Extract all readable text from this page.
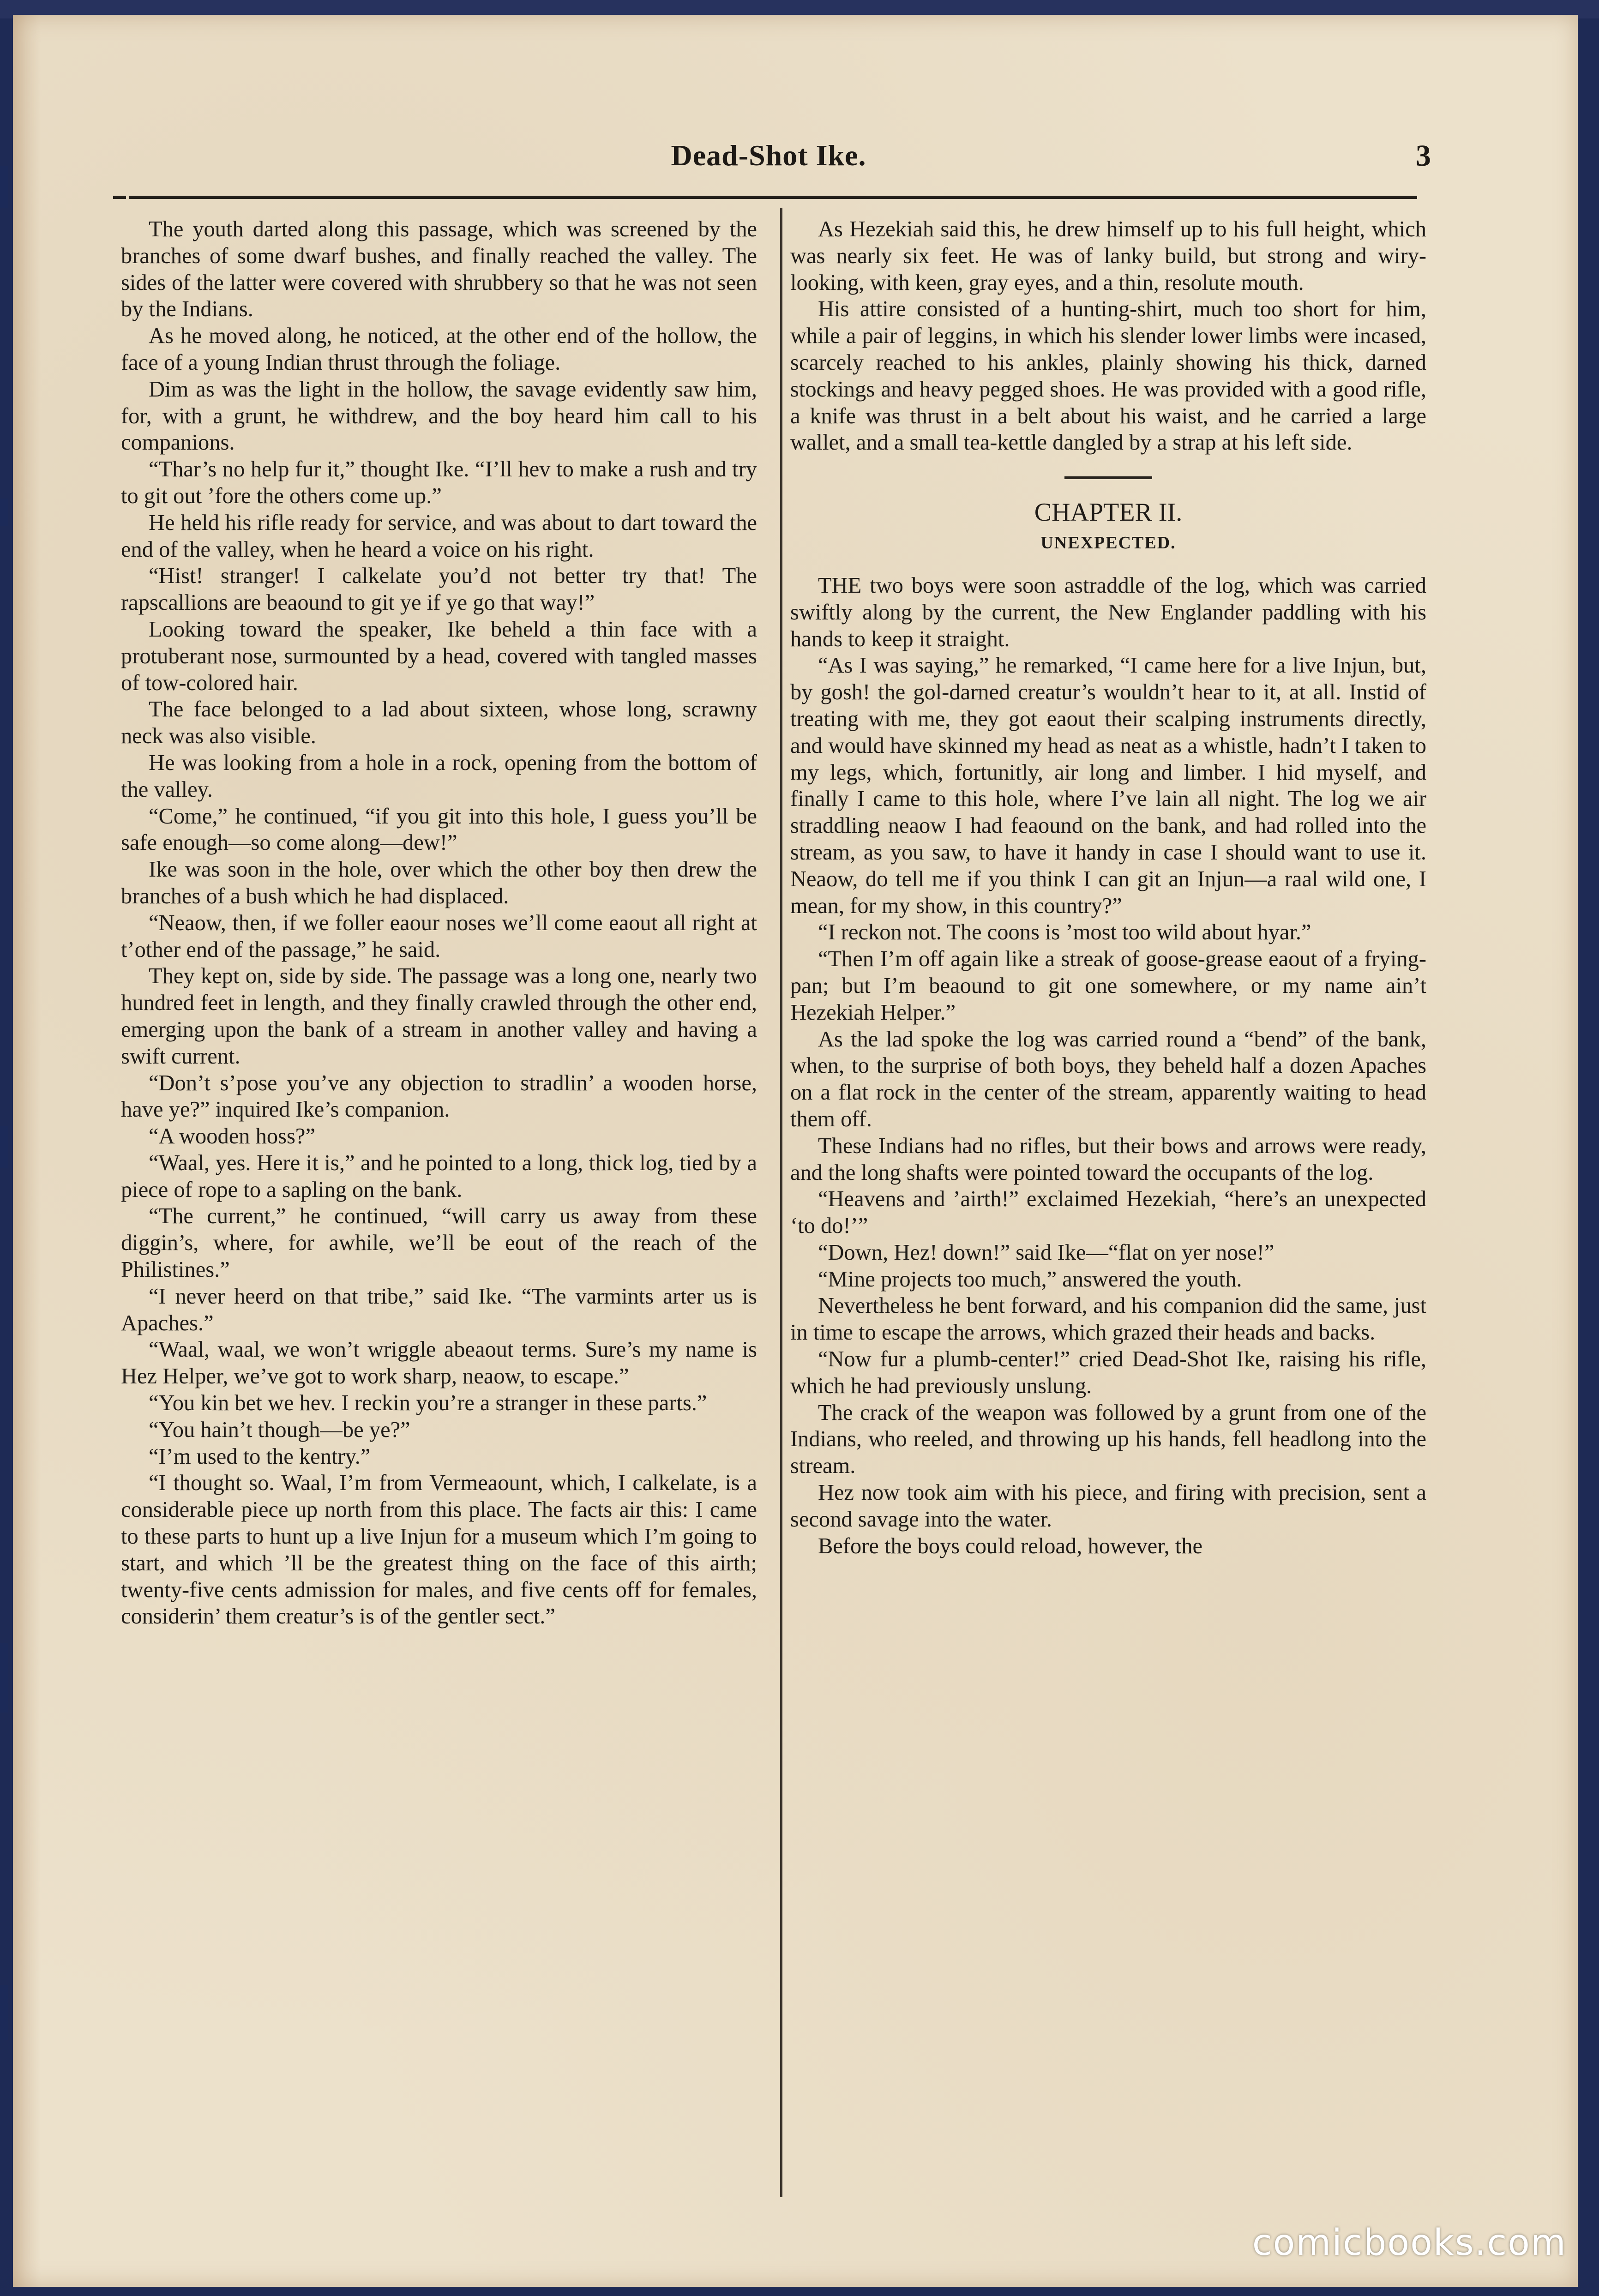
Dead-Shot Ike.	3

The youth darted along this passage, which was screened by the branches of some dwarf bushes, and finally reached the valley. The sides of the latter were covered with shrubbery so that he was not seen by the Indians.

As he moved along, he noticed, at the other end of the hollow, the face of a young Indian thrust through the foliage.

Dim as was the light in the hollow, the savage evidently saw him, for, with a grunt, he withdrew, and the boy heard him call to his companions.

“Thar’s no help fur it,” thought Ike. “I’ll hev to make a rush and try to git out ’fore the others come up.”

He held his rifle ready for service, and was about to dart toward the end of the valley, when he heard a voice on his right.

“Hist! stranger! I calkelate you’d not better try that! The rapscallions are beaound to git ye if ye go that way!”

Looking toward the speaker, Ike beheld a thin face with a protuberant nose, surmounted by a head, covered with tangled masses of tow-colored hair.

The face belonged to a lad about sixteen, whose long, scrawny neck was also visible.

He was looking from a hole in a rock, opening from the bottom of the valley.

“Come,” he continued, “if you git into this hole, I guess you’ll be safe enough—so come along—dew!”

Ike was soon in the hole, over which the other boy then drew the branches of a bush which he had displaced.

“Neaow, then, if we foller eaour noses we’ll come eaout all right at t’other end of the passage,” he said.

They kept on, side by side. The passage was a long one, nearly two hundred feet in length, and they finally crawled through the other end, emerging upon the bank of a stream in another valley and having a swift current.

“Don’t s’pose you’ve any objection to stradlin’ a wooden horse, have ye?” inquired Ike’s companion.

“A wooden hoss?”

“Waal, yes. Here it is,” and he pointed to a long, thick log, tied by a piece of rope to a sapling on the bank.

“The current,” he continued, “will carry us away from these diggin’s, where, for awhile, we’ll be eout of the reach of the Philistines.”

“I never heerd on that tribe,” said Ike. “The varmints arter us is Apaches.”

“Waal, waal, we won’t wriggle abeaout terms. Sure’s my name is Hez Helper, we’ve got to work sharp, neaow, to escape.”

“You kin bet we hev. I reckin you’re a stranger in these parts.”

“You hain’t though—be ye?”

“I’m used to the kentry.”

“I thought so. Waal, I’m from Vermeaount, which, I calkelate, is a considerable piece up north from this place. The facts air this: I came to these parts to hunt up a live Injun for a museum which I’m going to start, and which ’ll be the greatest thing on the face of this airth; twenty-five cents admission for males, and five cents off for females, considerin’ them creatur’s is of the gentler sect.”

As Hezekiah said this, he drew himself up to his full height, which was nearly six feet. He was of lanky build, but strong and wiry-looking, with keen, gray eyes, and a thin, resolute mouth.

His attire consisted of a hunting-shirt, much too short for him, while a pair of leggins, in which his slender lower limbs were incased, scarcely reached to his ankles, plainly showing his thick, darned stockings and heavy pegged shoes. He was provided with a good rifle, a knife was thrust in a belt about his waist, and he carried a large wallet, and a small tea-kettle dangled by a strap at his left side.

CHAPTER II.
UNEXPECTED.

THE two boys were soon astraddle of the log, which was carried swiftly along by the current, the New Englander paddling with his hands to keep it straight.

“As I was saying,” he remarked, “I came here for a live Injun, but, by gosh! the gol-darned creatur’s wouldn’t hear to it, at all. Instid of treating with me, they got eaout their scalping instruments directly, and would have skinned my head as neat as a whistle, hadn’t I taken to my legs, which, fortunitly, air long and limber. I hid myself, and finally I came to this hole, where I’ve lain all night. The log we air straddling neaow I had feaound on the bank, and had rolled into the stream, as you saw, to have it handy in case I should want to use it. Neaow, do tell me if you think I can git an Injun—a raal wild one, I mean, for my show, in this country?”

“I reckon not. The coons is ’most too wild about hyar.”

“Then I’m off again like a streak of goose-grease eaout of a frying-pan; but I’m beaound to git one somewhere, or my name ain’t Hezekiah Helper.”

As the lad spoke the log was carried round a “bend” of the bank, when, to the surprise of both boys, they beheld half a dozen Apaches on a flat rock in the center of the stream, apparently waiting to head them off.

These Indians had no rifles, but their bows and arrows were ready, and the long shafts were pointed toward the occupants of the log.

“Heavens and ’airth!” exclaimed Hezekiah, “here’s an unexpected ‘to do!’”

“Down, Hez! down!” said Ike—“flat on yer nose!”

“Mine projects too much,” answered the youth.

Nevertheless he bent forward, and his companion did the same, just in time to escape the arrows, which grazed their heads and backs.

“Now fur a plumb-center!” cried Dead-Shot Ike, raising his rifle, which he had previously unslung.

The crack of the weapon was followed by a grunt from one of the Indians, who reeled, and throwing up his hands, fell headlong into the stream.

Hez now took aim with his piece, and firing with precision, sent a second savage into the water.

Before the boys could reload, however, the

comicbooks.com
